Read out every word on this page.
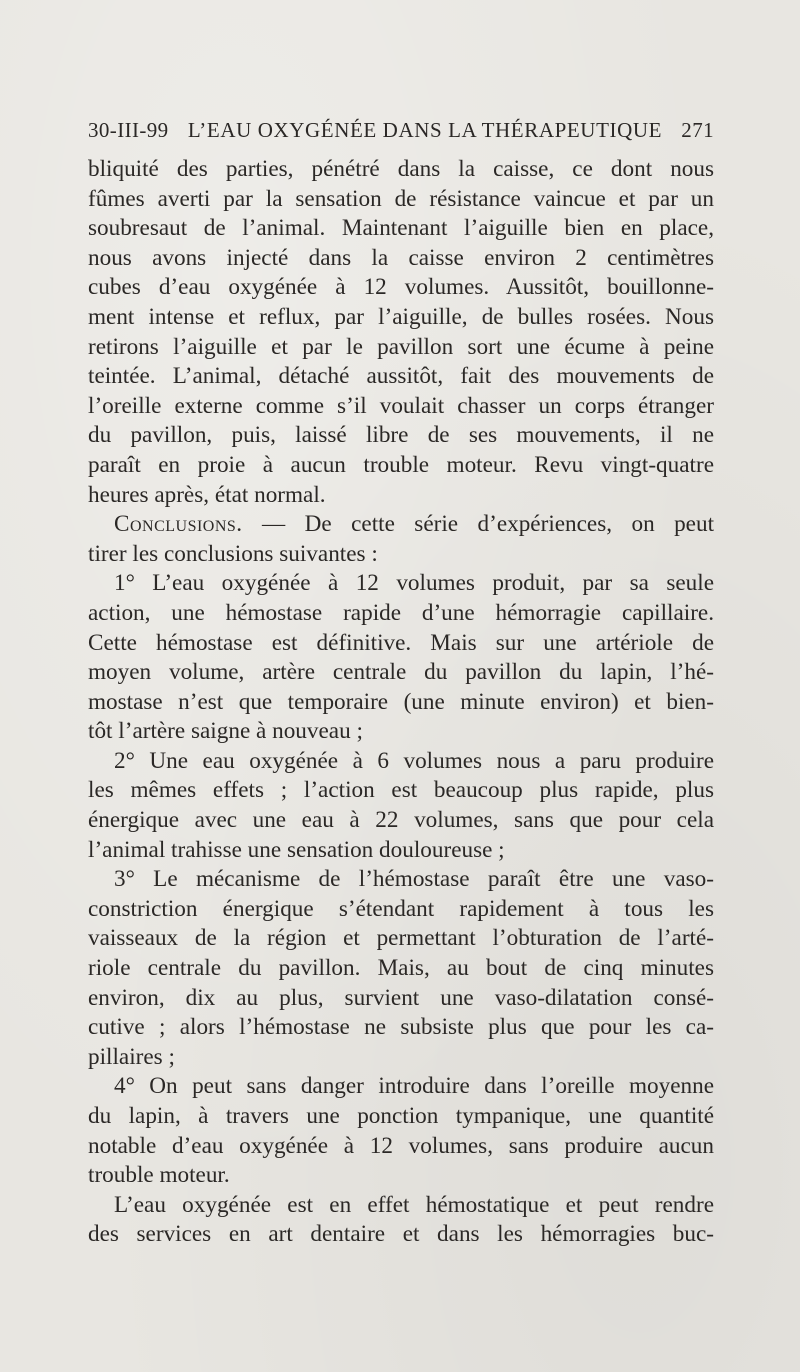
30-III-99 L’EAU OXYGÉNÉE DANS LA THÉRAPEUTIQUE 271
bliquité des parties, pénétré dans la caisse, ce dont nous
fûmes averti par la sensation de résistance vaincue et par un
soubresaut de l’animal. Maintenant l’aiguille bien en place,
nous avons injecté dans la caisse environ 2 centimètres
cubes d’eau oxygénée à 12 volumes. Aussitôt, bouillonne-
ment intense et reflux, par l’aiguille, de bulles rosées. Nous
retirons l’aiguille et par le pavillon sort une écume à peine
teintée. L’animal, détaché aussitôt, fait des mouvements de
l’oreille externe comme s’il voulait chasser un corps étranger
du pavillon, puis, laissé libre de ses mouvements, il ne
paraît en proie à aucun trouble moteur. Revu vingt-quatre
heures après, état normal.
Conclusions. — De cette série d’expériences, on peut
tirer les conclusions suivantes :
1° L’eau oxygénée à 12 volumes produit, par sa seule
action, une hémostase rapide d’une hémorragie capillaire.
Cette hémostase est définitive. Mais sur une artériole de
moyen volume, artère centrale du pavillon du lapin, l’hé-
mostase n’est que temporaire (une minute environ) et bien-
tôt l’artère saigne à nouveau ;
2° Une eau oxygénée à 6 volumes nous a paru produire
les mêmes effets ; l’action est beaucoup plus rapide, plus
énergique avec une eau à 22 volumes, sans que pour cela
l’animal trahisse une sensation douloureuse ;
3° Le mécanisme de l’hémostase paraît être une vaso-
constriction énergique s’étendant rapidement à tous les
vaisseaux de la région et permettant l’obturation de l’arté-
riole centrale du pavillon. Mais, au bout de cinq minutes
environ, dix au plus, survient une vaso-dilatation consé-
cutive ; alors l’hémostase ne subsiste plus que pour les ca-
pillaires ;
4° On peut sans danger introduire dans l’oreille moyenne
du lapin, à travers une ponction tympanique, une quantité
notable d’eau oxygénée à 12 volumes, sans produire aucun
trouble moteur.
L’eau oxygénée est en effet hémostatique et peut rendre
des services en art dentaire et dans les hémorragies buc-
